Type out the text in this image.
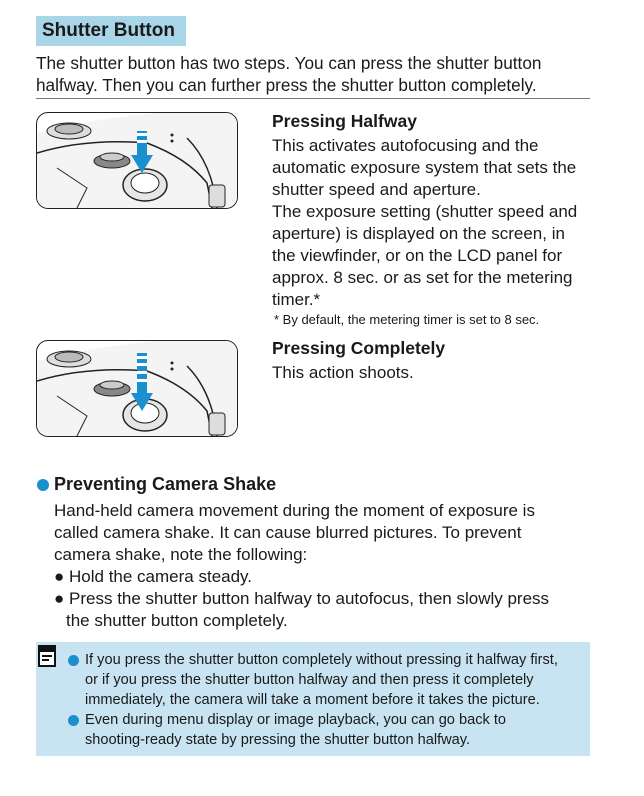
Shutter Button
The shutter button has two steps. You can press the shutter button
halfway. Then you can further press the shutter button completely.
Pressing Halfway
This activates autofocusing and the
automatic exposure system that sets the
shutter speed and aperture.
The exposure setting (shutter speed and
aperture) is displayed on the screen, in
the viewfinder, or on the LCD panel for
approx. 8 sec. or as set for the metering
timer.*
* By default, the metering timer is set to 8 sec.
Pressing Completely
This action shoots.
Preventing Camera Shake
Hand-held camera movement during the moment of exposure is
called camera shake. It can cause blurred pictures. To prevent
camera shake, note the following:
● Hold the camera steady.
● Press the shutter button halfway to autofocus, then slowly press
the shutter button completely.
If you press the shutter button completely without pressing it halfway first,
or if you press the shutter button halfway and then press it completely
immediately, the camera will take a moment before it takes the picture.
Even during menu display or image playback, you can go back to
shooting-ready state by pressing the shutter button halfway.
